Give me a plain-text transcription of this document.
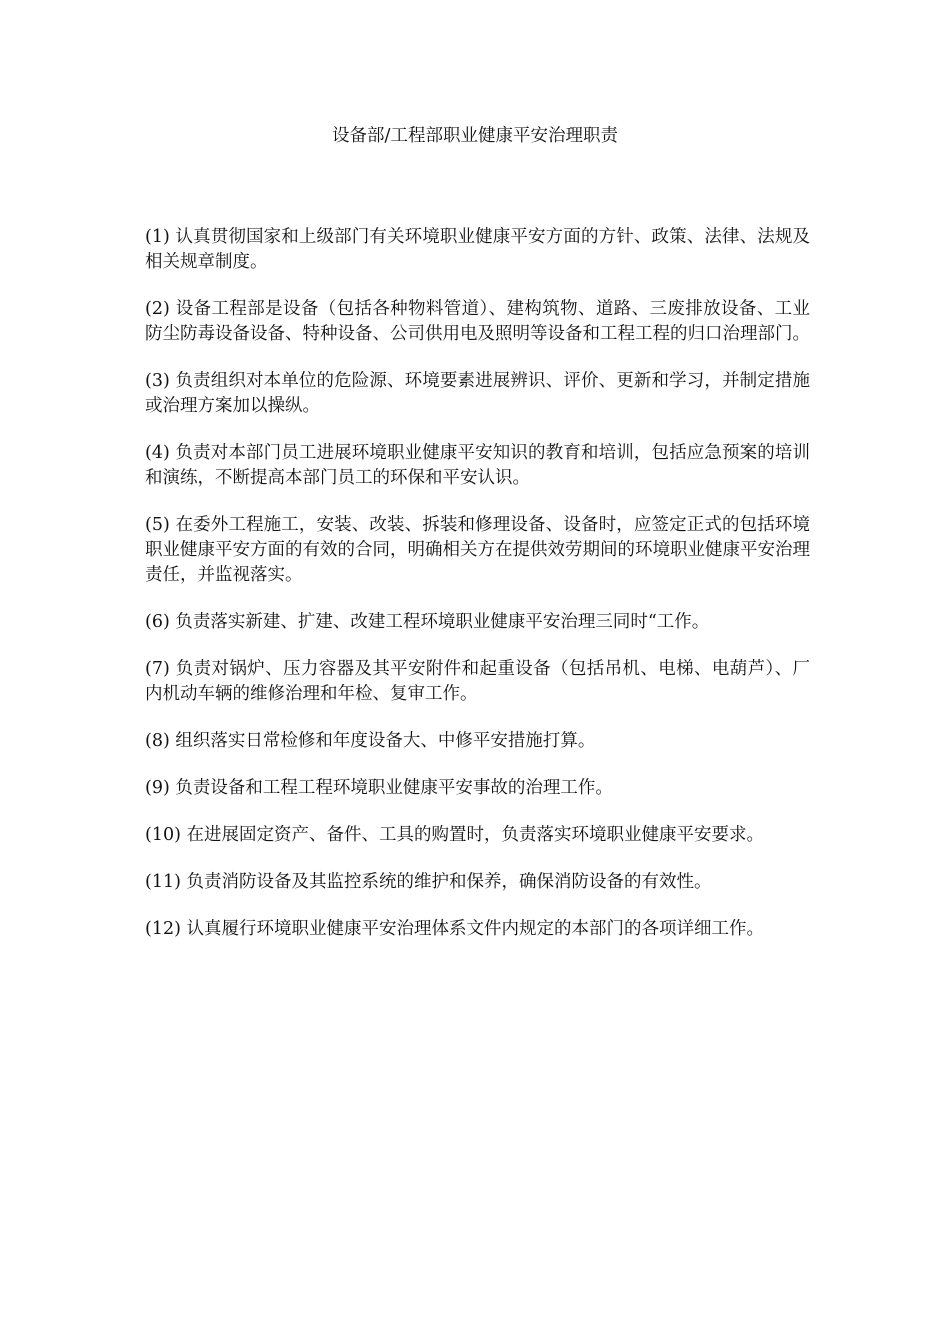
设备部/工程部职业健康平安治理职责
(1) 认真贯彻国家和上级部门有关环境职业健康平安方面的方针、政策、法律、法规及相关规章制度。
(2) 设备工程部是设备（包括各种物料管道）、建构筑物、道路、三废排放设备、工业防尘防毒设备设备、特种设备、公司供用电及照明等设备和工程工程的归口治理部门。
(3) 负责组织对本单位的危险源、环境要素进展辨识、评价、更新和学习，并制定措施或治理方案加以操纵。
(4) 负责对本部门员工进展环境职业健康平安知识的教育和培训，包括应急预案的培训和演练，不断提高本部门员工的环保和平安认识。
(5) 在委外工程施工，安装、改装、拆装和修理设备、设备时，应签定正式的包括环境职业健康平安方面的有效的合同，明确相关方在提供效劳期间的环境职业健康平安治理责任，并监视落实。
(6) 负责落实新建、扩建、改建工程环境职业健康平安治理三同时“工作。
(7) 负责对锅炉、压力容器及其平安附件和起重设备（包括吊机、电梯、电葫芦）、厂内机动车辆的维修治理和年检、复审工作。
(8) 组织落实日常检修和年度设备大、中修平安措施打算。
(9) 负责设备和工程工程环境职业健康平安事故的治理工作。
(10) 在进展固定资产、备件、工具的购置时，负责落实环境职业健康平安要求。
(11) 负责消防设备及其监控系统的维护和保养，确保消防设备的有效性。
(12) 认真履行环境职业健康平安治理体系文件内规定的本部门的各项详细工作。
